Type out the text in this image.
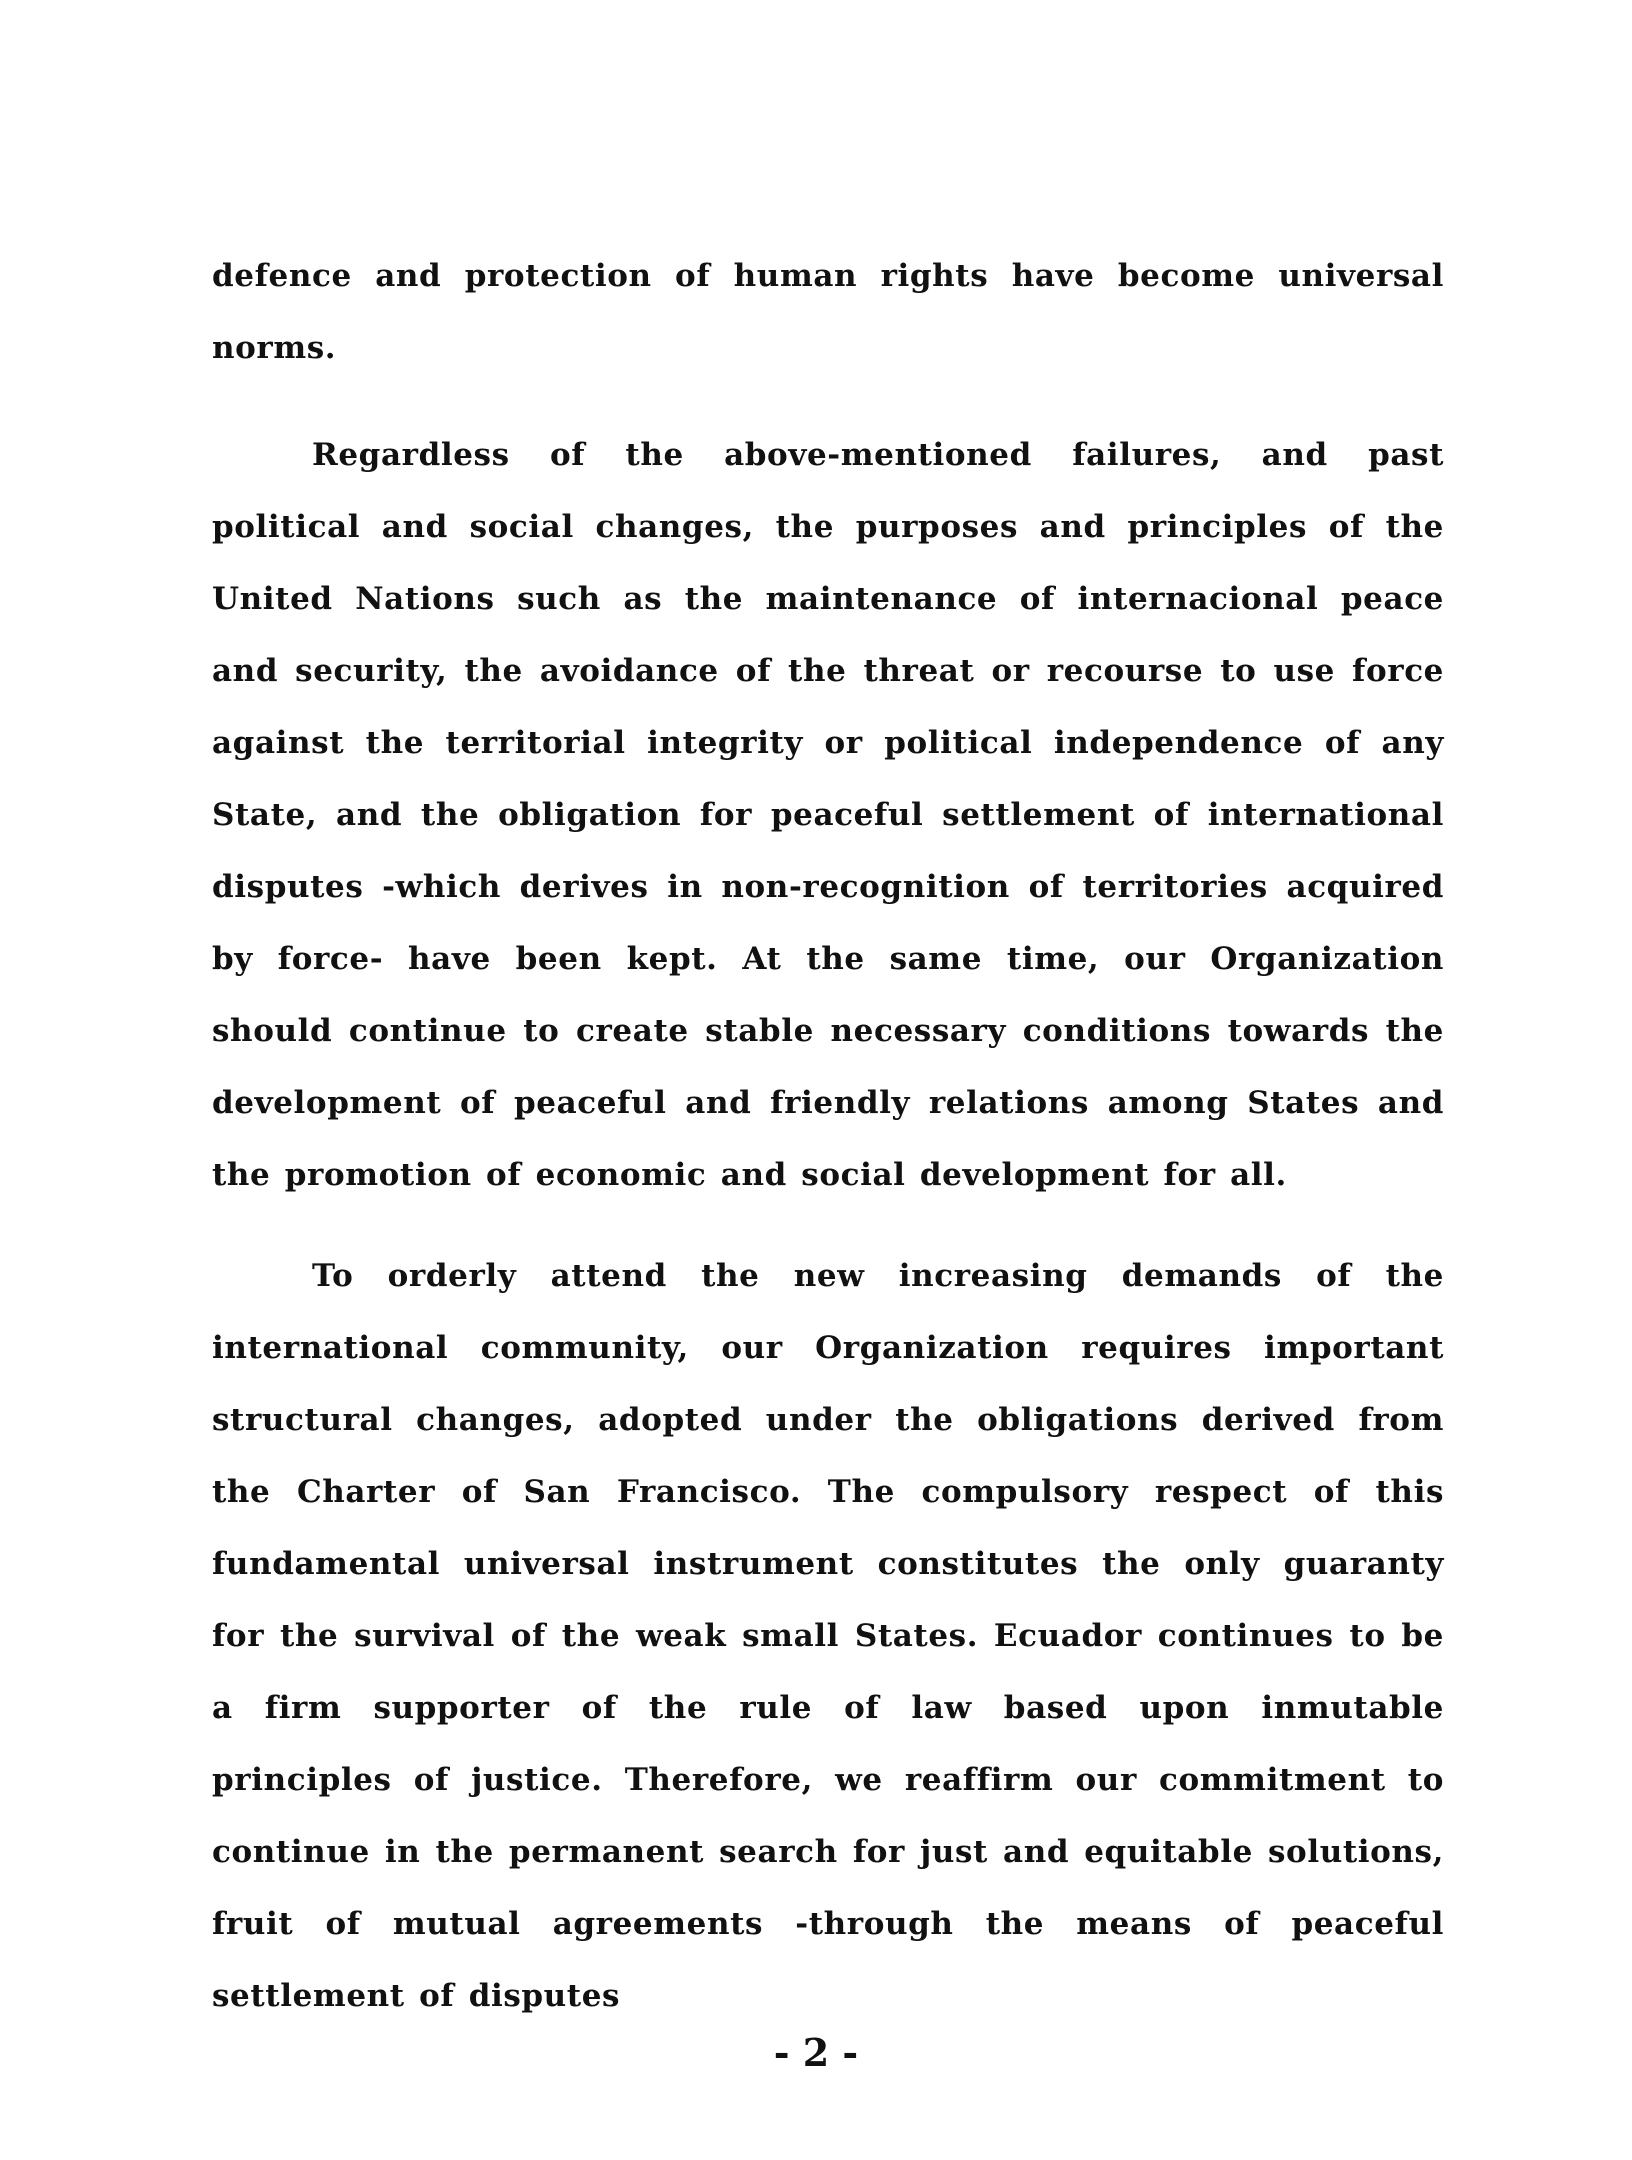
defence and protection of human rights have become universal norms.

Regardless of the above-mentioned failures, and past political and social changes, the purposes and principles of the United Nations such as the maintenance of internacional peace and security, the avoidance of the threat or recourse to use force against the territorial integrity or political independence of any State, and the obligation for peaceful settlement of international disputes -which derives in non-recognition of territories acquired by force- have been kept. At the same time, our Organization should continue to create stable necessary conditions towards the development of peaceful and friendly relations among States and the promotion of economic and social development for all.

To orderly attend the new increasing demands of the international community, our Organization requires important structural changes, adopted under the obligations derived from the Charter of San Francisco. The compulsory respect of this fundamental universal instrument constitutes the only guaranty for the survival of the weak small States. Ecuador continues to be a firm supporter of the rule of law based upon inmutable principles of justice. Therefore, we reaffirm our commitment to continue in the permanent search for just and equitable solutions, fruit of mutual agreements -through the means of peaceful settlement of disputes

- 2 -
